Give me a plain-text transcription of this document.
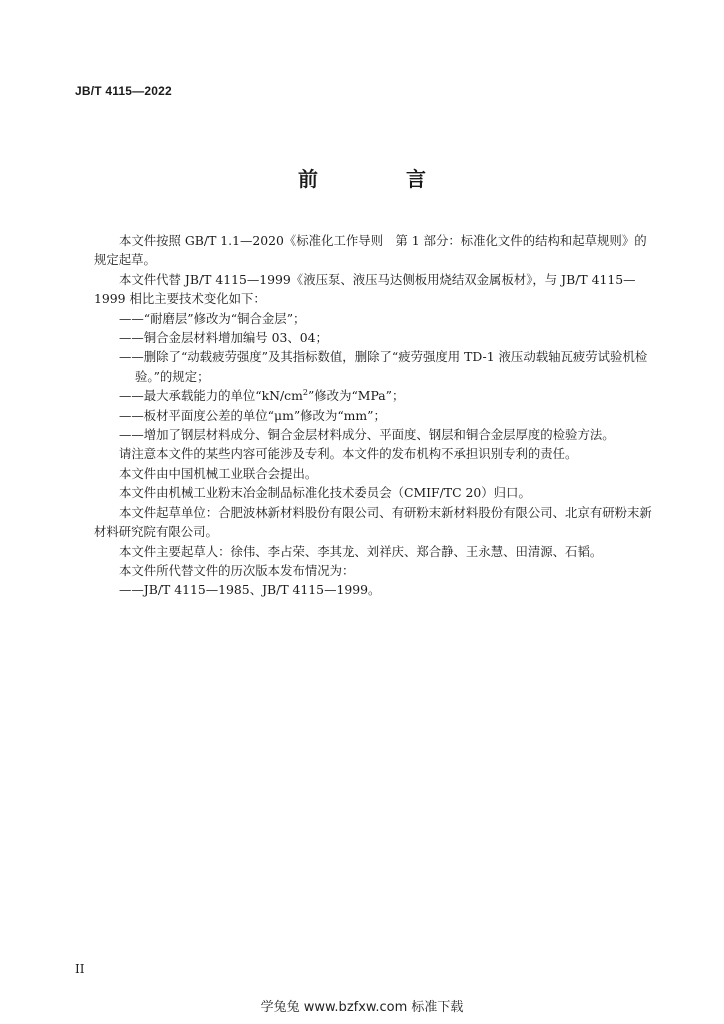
JB/T 4115—2022
前　言

本文件按照 GB/T 1.1—2020《标准化工作导则　第 1 部分：标准化文件的结构和起草规则》的规定起草。

本文件代替 JB/T 4115—1999《液压泵、液压马达侧板用烧结双金属板材》，与 JB/T 4115—1999 相比主要技术变化如下：

——“耐磨层”修改为“铜合金层”；

——铜合金层材料增加编号 03、04；

——删除了“动载疲劳强度”及其指标数值，删除了“疲劳强度用 TD-1 液压动载轴瓦疲劳试验机检验。”的规定；

——最大承载能力的单位“$kN/cm^2$”修改为“MPa”；

——板材平面度公差的单位“μm”修改为“mm”；

——增加了钢层材料成分、铜合金层材料成分、平面度、钢层和铜合金层厚度的检验方法。

请注意本文件的某些内容可能涉及专利。本文件的发布机构不承担识别专利的责任。

本文件由中国机械工业联合会提出。

本文件由机械工业粉末冶金制品标准化技术委员会（CMIF/TC 20）归口。

本文件起草单位：合肥波林新材料股份有限公司、有研粉末新材料股份有限公司、北京有研粉末新材料研究院有限公司。

本文件主要起草人：徐伟、李占荣、李其龙、刘祥庆、郑合静、王永慧、田清源、石韬。

本文件所代替文件的历次版本发布情况为：

——JB/T 4115—1985、JB/T 4115—1999。

II
学兔兔 www.bzfxw.com 标准下载
